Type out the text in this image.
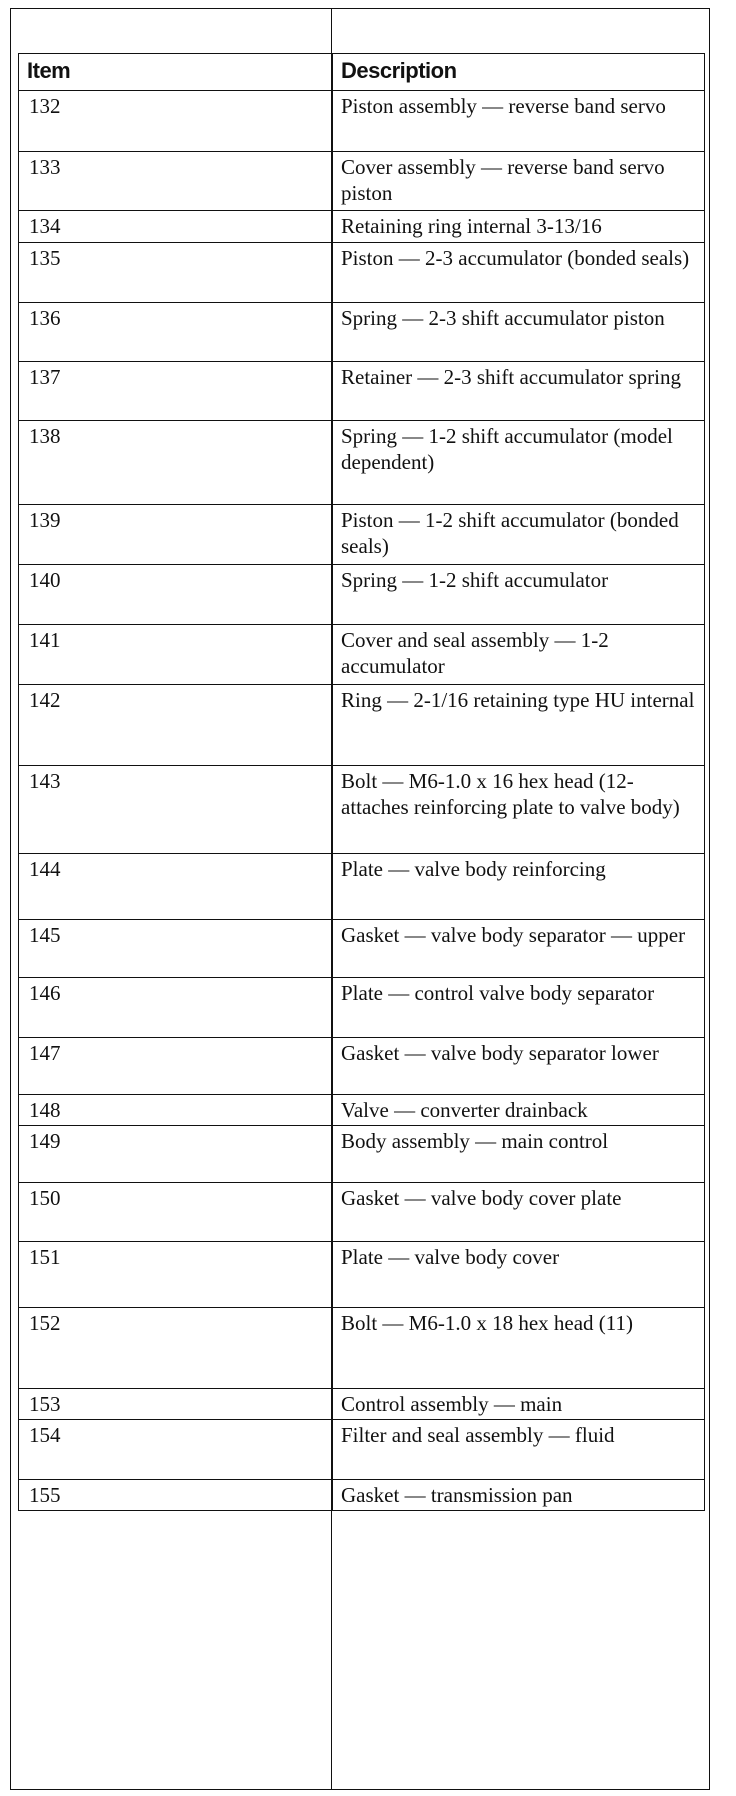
Item	Description
132	Piston assembly — reverse band servo
133	Cover assembly — reverse band servo piston
134	Retaining ring internal 3-13/16
135	Piston — 2-3 accumulator (bonded seals)
136	Spring — 2-3 shift accumulator piston
137	Retainer — 2-3 shift accumulator spring
138	Spring — 1-2 shift accumulator (model dependent)
139	Piston — 1-2 shift accumulator (bonded seals)
140	Spring — 1-2 shift accumulator
141	Cover and seal assembly — 1-2 accumulator
142	Ring — 2-1/16 retaining type HU internal
143	Bolt — M6-1.0 x 16 hex head (12-attaches reinforcing plate to valve body)
144	Plate — valve body reinforcing
145	Gasket — valve body separator — upper
146	Plate — control valve body separator
147	Gasket — valve body separator lower
148	Valve — converter drainback
149	Body assembly — main control
150	Gasket — valve body cover plate
151	Plate — valve body cover
152	Bolt — M6-1.0 x 18 hex head (11)
153	Control assembly — main
154	Filter and seal assembly — fluid
155	Gasket — transmission pan
